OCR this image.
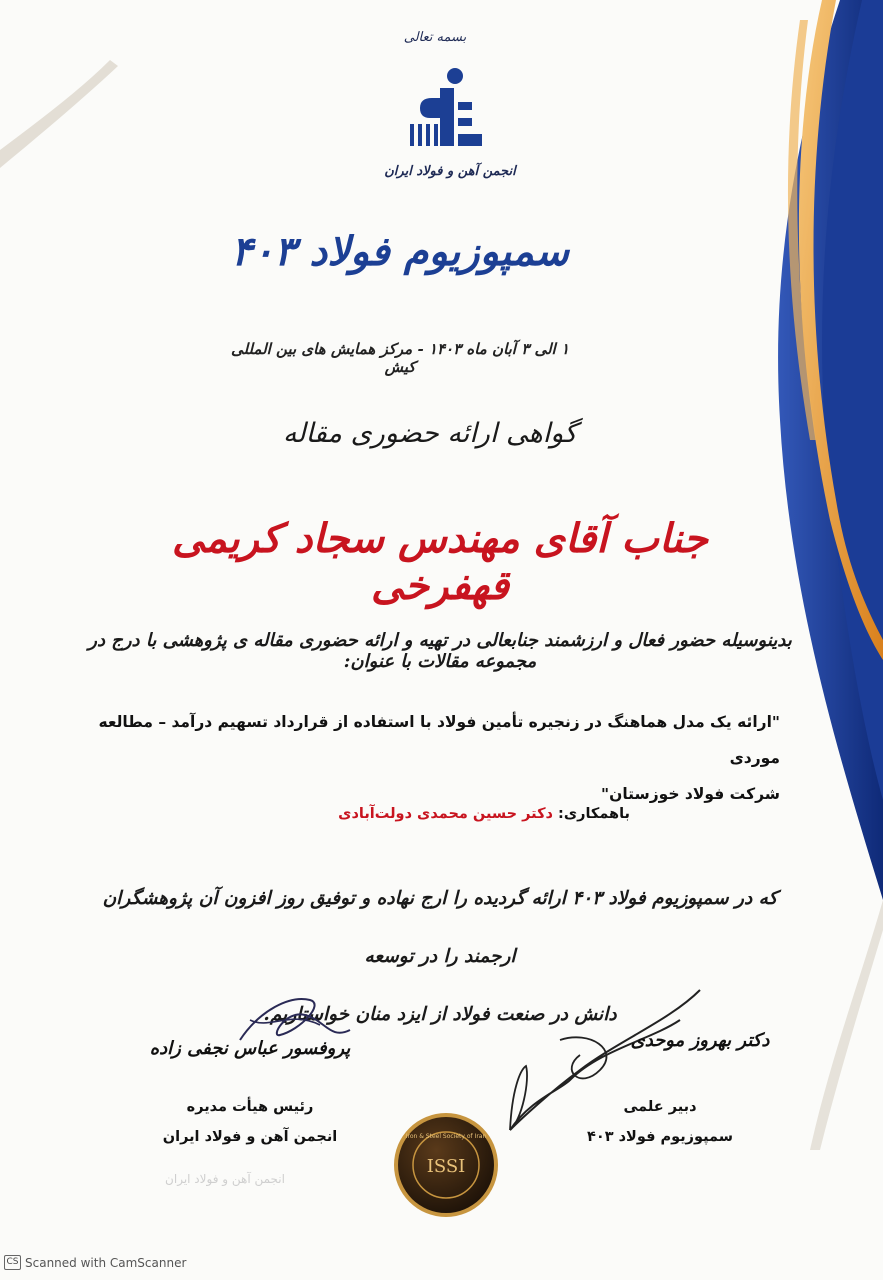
بسمه تعالی
انجمن آهن و فولاد ایران
سمپوزیوم فولاد ۴۰۳
۱ الی ۳ آبان ماه ۱۴۰۳ - مرکز همایش های بین المللی کیش
گواهی ارائه حضوری مقاله
جناب آقای مهندس سجاد کریمی قهفرخی
بدینوسیله حضور فعال و ارزشمند جنابعالی در تهیه و ارائه حضوری مقاله ی پژوهشی با درج در مجموعه مقالات با عنوان:
"ارائه یک مدل هماهنگ در زنجیره تأمین فولاد با استفاده از قرارداد تسهیم درآمد – مطالعه موردی
شرکت فولاد خوزستان"
باهمکاری: دکتر حسین محمدی دولت‌آبادی
که در سمپوزیوم فولاد ۴۰۳ ارائه گردیده را ارج نهاده و توفیق روز افزون آن پژوهشگران ارجمند را در توسعه
دانش در صنعت فولاد از ایزد منان خواستاریم.
پروفسور عباس نجفی زاده
رئیس هیأت مدیره
انجمن آهن و فولاد ایران
دکتر بهروز موحدی
دبیر علمی
سمپوزیوم فولاد ۴۰۳
ISSI
Iron & Steel Society of Iran
انجمن آهن و فولاد ایران
CS Scanned with CamScanner
